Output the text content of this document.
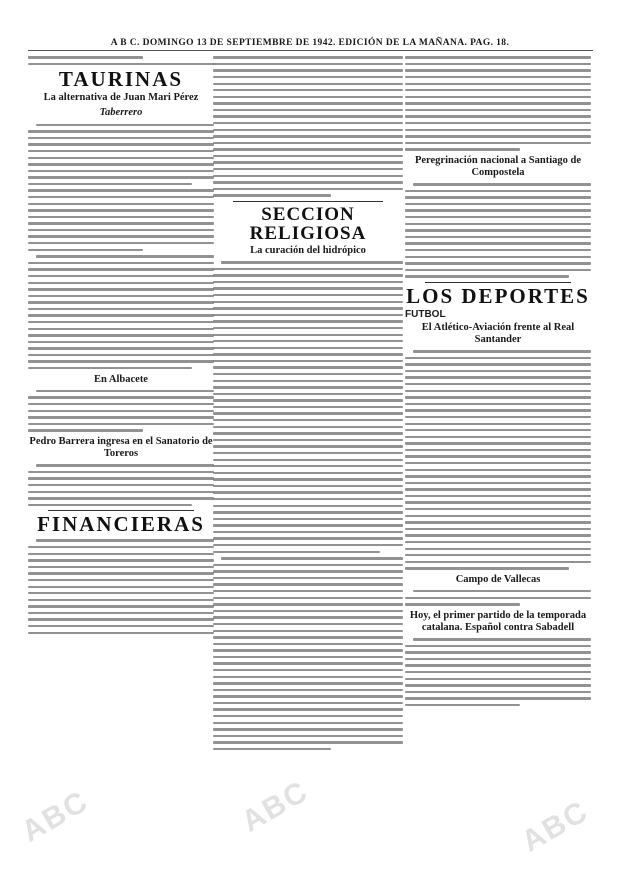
A B C. DOMINGO 13 DE SEPTIEMBRE DE 1942. EDICIÓN DE LA MAÑANA. PAG. 18.
TAURINAS
La alternativa de Juan Mari Pérez
Taberrero
En Albacete
Pedro Barrera ingresa en el Sanatorio de Toreros
FINANCIERAS
SECCION RELIGIOSA
La curación del hidrópico
Peregrinación nacional a Santiago de Compostela
LOS DEPORTES
FUTBOL
El Atlético-Aviación frente al Real Santander
Campo de Vallecas
Hoy, el primer partido de la temporada catalana. Español contra Sabadell
ABC	ABC	ABC
